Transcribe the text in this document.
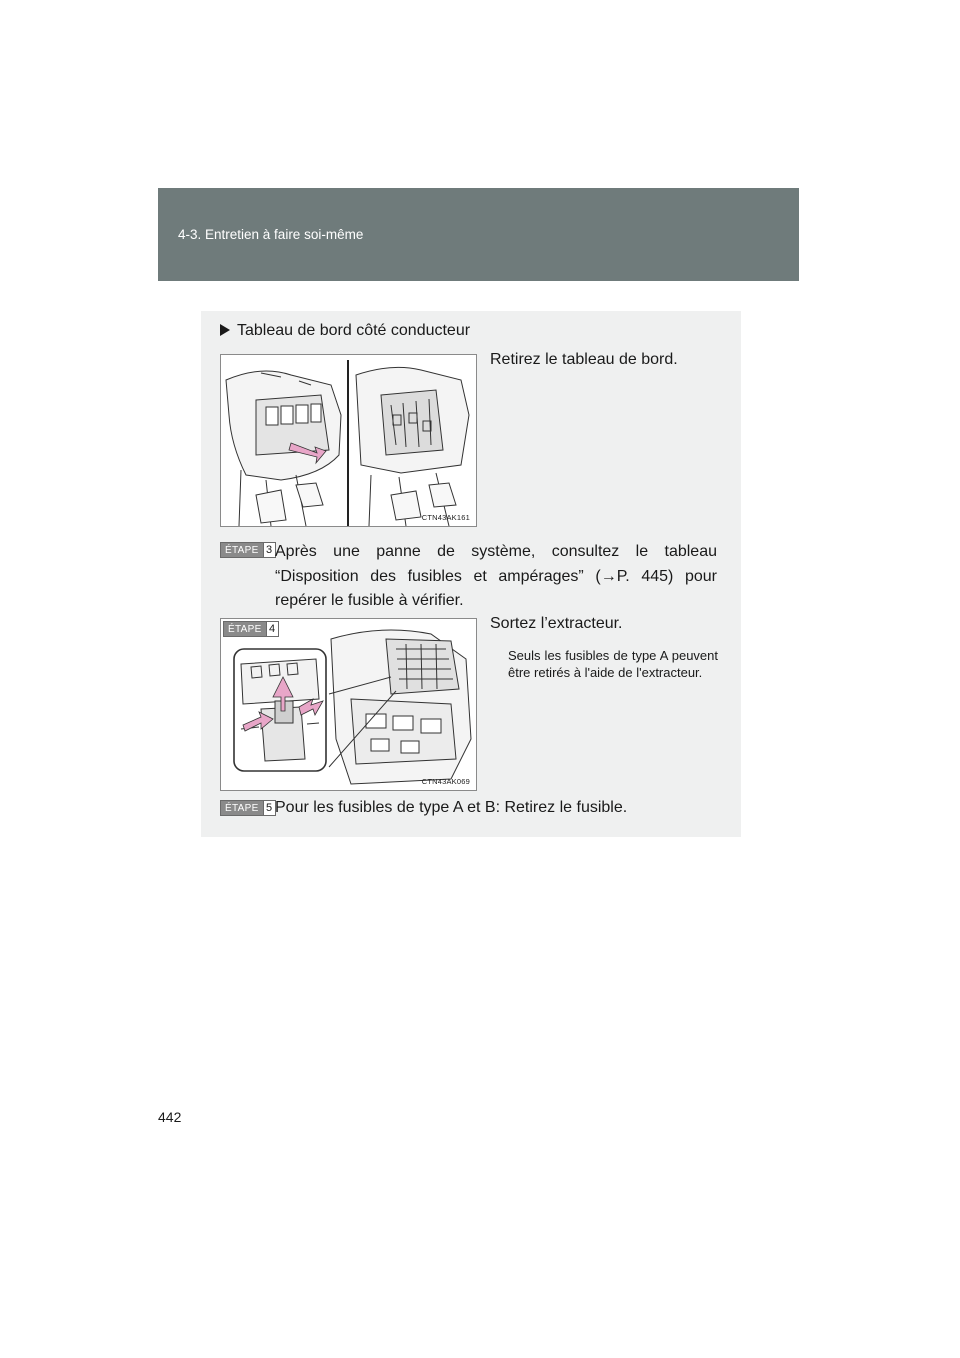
4-3. Entretien à faire soi-même
Tableau de bord côté conducteur
CTN43AK161
Retirez le tableau de bord.
ÉTAPE 3 Après une panne de système, consultez le tableau “Disposition des fusibles et ampérages” (→P. 445) pour repérer le fusible à vérifier.
CTN43AK069
ÉTAPE 4	Sortez l’extracteur.
Seuls les fusibles de type A peuvent être retirés à l'aide de l'extracteur.
ÉTAPE 5 Pour les fusibles de type A et B: Retirez le fusible.
442
